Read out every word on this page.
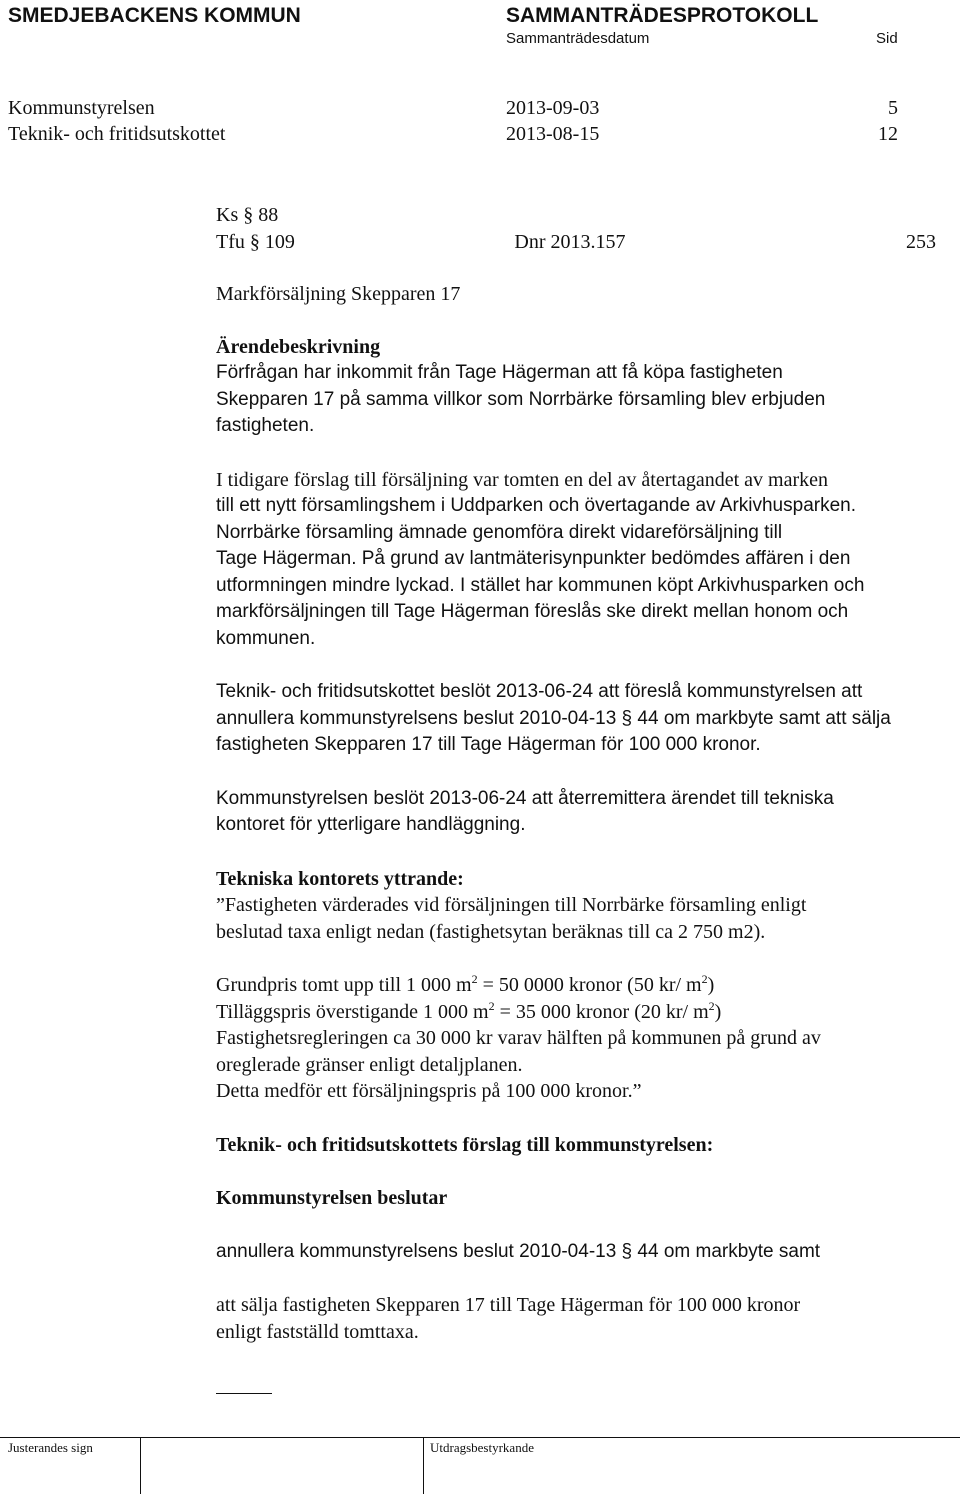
SMEDJEBACKENS KOMMUN	SAMMANTRÄDESPROTOKOLL
Sammanträdesdatum	Sid
Kommunstyrelsen	2013-09-03	5
Teknik- och fritidsutskottet	2013-08-15	12

Ks § 88

Tfu § 109	Dnr 2013.157	253

Markförsäljning Skepparen 17

Ärendebeskrivning

Förfrågan har inkommit från Tage Hägerman att få köpa fastigheten

Skepparen 17 på samma villkor som Norrbärke församling blev erbjuden

fastigheten.

I tidigare förslag till försäljning var tomten en del av återtagandet av marken

till ett nytt församlingshem i Uddparken och övertagande av Arkivhusparken.

Norrbärke församling ämnade genomföra direkt vidareförsäljning till

Tage Hägerman. På grund av lantmäterisynpunkter bedömdes affären i den

utformningen mindre lyckad. I stället har kommunen köpt Arkivhusparken och

markförsäljningen till Tage Hägerman föreslås ske direkt mellan honom och

kommunen.

Teknik- och fritidsutskottet beslöt 2013-06-24 att föreslå kommunstyrelsen att

annullera kommunstyrelsens beslut 2010-04-13 § 44 om markbyte samt att sälja

fastigheten Skepparen 17 till Tage Hägerman för 100 000 kronor.

Kommunstyrelsen beslöt 2013-06-24 att återremittera ärendet till tekniska

kontoret för ytterligare handläggning.

Tekniska kontorets yttrande:

”Fastigheten värderades vid försäljningen till Norrbärke församling enligt

beslutad taxa enligt nedan (fastighetsytan beräknas till ca 2 750 m2).

Grundpris tomt upp till 1 000 $m^2 = 50$ 0000 kronor (50 kr/ $m^2$)

Tilläggspris överstigande 1 000 $m^2 = 35$ 000 kronor (20 kr/ $m^2$)

Fastighetsregleringen ca 30 000 kr varav hälften på kommunen på grund av

oreglerade gränser enligt detaljplanen.

Detta medför ett försäljningspris på 100 000 kronor.”

Teknik- och fritidsutskottets förslag till kommunstyrelsen:

Kommunstyrelsen beslutar

annullera kommunstyrelsens beslut 2010-04-13 § 44 om markbyte samt

att sälja fastigheten Skepparen 17 till Tage Hägerman för 100 000 kronor

enligt fastställd tomttaxa.

Justerandes sign	Utdragsbestyrkande
